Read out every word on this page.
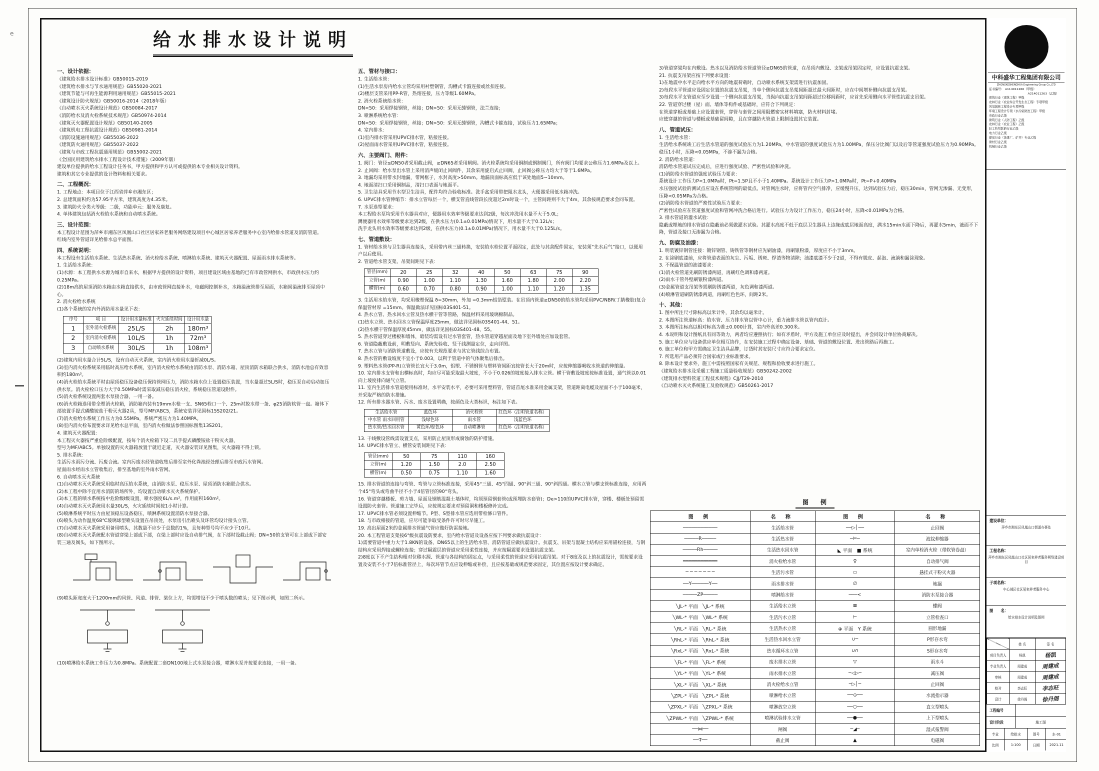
e	给水排水设计说明
一、设计依据：
《建筑给水排水设计标准》GB50015-2019
《建筑给水排水与节水通用规范》GB55020-2021
《建筑节能与可再生能源利用通用规范》GB55015-2021
《建筑设计防火规范》GB50016-2014（2018年版）
《自动喷水灭火系统设计规范》GB50084-2017
《消防给水及消火栓系统技术规范》GB50974-2014
《建筑灭火器配置设计规范》GB50140-2005
《建筑机电工程抗震设计规范》GB50981-2014
《消防设施通用规范》GB55036-2022
《建筑防火通用规范》GB55037-2022
《建筑与市政工程抗震通用规范》GB55002-2021
《全国民用建筑给水排水工程设计技术措施》（2009年版）
建设单位提供的给水工程设计任务书，甲方提供和甲方认可或提供的本专业相关设计资料。
建筑和其它专业提供的设计资料和相关要求。
二、工程概况：
1. 工程地点：本项目位于江西省萍乡市湘东区；
2. 总建筑面积约为57.95平方米，建筑高度为4.35米。
3. 建筑防火分类大等级：二级，功能单元：服务及康复。
4. 单体建筑包括消火栓给水系统和自动喷水系统。
三、设计范围：
本工程设计范围为萍乡市湘东区凤凰山口社区居家养老服务网络建设项目中心城区居家养老服务中心室内给排水管道及消防管道。
红线内室外管道详见给排水总平面图。
四、系统说明：
本工程设有生活给水系统、生活热水系统、消火栓给水系统、喷淋给水系统、建筑灭火器配置、屋面雨水排水系统等。
1. 生活给水系统：
(1)水源：本工程供水水源为城市自来水，根据甲方提供的设计资料，项目建设区域由基地的已有市政管网供水，市政供水压力约0.25MPa。
(2)18m高的屋顶消防水箱由水箱直接供水，由市政管网直接补水，电磁阀控制补水，水箱溢流管排至屋面，水箱间溢流排至屋顶中心。
2. 消火栓给水系统
(1)各个系统的室内外消防用水量见下表：
序号	项 目	设计用水量标准	火灾延续时间	设计用水量
1	室外消火栓系统	25L/S	2h	180m³
2	室内消火栓系统	10L/S	1h	72m³
3	自动喷水系统	30L/S	1h	108m³
(2)建筑内用水量合计5L/S，设有自动灭火系统，室内消火栓用水量折减0L/S。
(3)室内消火栓系统采用临时高压给水系统，室内消火栓给水系统由消防水泵、消防水箱、屋顶消防水箱联合供水，消防水池总有效容积约180m³。
(4)消火栓给水系统平时由屋顶稳压设备稳压保持管网压力，消防水箱水位上设置稳压装置，当水量超过5L/S时，稳压泵自动启动加压供水泵。消火栓栓口压力大于0.50MPa时需采取减压稳压消火栓，系统稳压管道设附件。
(5)消火栓系统设置两套水泵接合器，一用一备。
(6)消火栓箱选用带全塑消火栓箱，消防箱内装有19mm水枪一支、SN65栓口一个、25m衬胶水带一条、φ25消防软管一盘。箱体下部放置手提式磷酸铵盐干粉灭火器2具，型号MF/ABC5，系统安装详见国标15S202/21。
(7)消火栓给水系统工作压力为0.55MPa，系统严密压力为1.40MPA。
(8)室内消火栓布置要求详见给水总平面，室内消火栓做法参照国标图集13S201。
4. 建筑灭火器配置：
本工程灭火器按严重危险级配置，按每个消火栓箱下设二具手提式磷酸铵盐干粉灭火器，
型号为MF/ABC5。单独设置的灭火器箱放置于就近走道，灭火器安装详见图集，灭火器箱不得上锁。
5. 排水系统：
生活污水雨污分流、污废合流。室内污废水经管道收集后排至室外化粪池经处理后排至市政污水管网。
屋面雨水经雨水立管收集后，排至基地的室外雨水管网。
6. 自动喷水灭火系统
(1)自动喷水灭火系统采用临时高压给水系统，由消防水泵、稳压水泵、屋顶消防水箱联合供水。
(2)本工程中除不宜用水消防的场所外，均设置自动喷水灭火系统保护。
(3)本工程的喷水系统按中危险级Ⅰ级设置，喷水强度6L/s.m²，作用面积160m²。
(4)自动喷水灭火系统用水量30L/S，火灾延续时间按1小时计算。
(5)喷淋系统平时压力由屋顶稳压设备稳压，喷淋系统设置消防水泵接合器。
(6)喷头为动作温度68℃玻璃球型喷头设置在吊顶处，水泵房引出喷头及环管均设计接头立管。
(7)自动喷水灭火系统采用备用喷头，其数量不应少于总数的1%，且每种型号均不应少于10只。
(8)自动喷水灭火系统配水管道穿梁上部或下部，在梁上部时应设自动排气阀，在下部时设截止阀；DN<50的支管可在上部或下部安装三通及阀头，如下图所示。
(9)喷头距宽度大于1200mm的风管、风道、排管、梁位上方，均需增设不少于喷头数的喷头；见下图示例，如图二所示。
(10)喷淋给水系统工作压力为0.8MPa。系统配置二套DN100地上式水泵接合器，喷淋水泵并按要求连接，一用一备。
五、管材与接口：
1. 生活给水管：
(1)生活水泵房内给水立管均采用衬塑钢管，沟槽式卡箍连接或丝扣连接。
(2)楼层支管采用PP-R管，热熔连接，压力等级1.60MPa。
2. 消火栓系统给水管：
DN<50：采用焊接钢管，丝接；DN>50：采用无缝钢管，法兰连接；
3. 喷淋系统给水管：
DN<50：采用焊接钢管，丝接；DN>50：采用无缝钢管，沟槽式卡箍连接，试验压力1.65MPa；
4. 室内排水：
(1)室内排水管采用UPVC排水管，粘接连接。
(2)屋面雨水管采用UPVC排水管，粘接连接。
六、主要阀门、附件：
1. 阀门：管径≤DN50者采用截止阀，≥DN65者采用闸阀。消火栓系统均采用铜制或钢制阀门，所有阀门均要求公称压力1.6MPa及以上。
2. 止回阀：给水泵出水管上采用消声缓闭止回阀件，其余采用旋启式止回阀，止回阀公称压力均大于等于1.6MPa。
3. 地漏均采用带水封地漏，带网框子，水封高度>50mm。地漏顶面标高应低于该处地面5~10mm。
4. 地面清扫口采用铜制品，清扫口表面与地面平。
5. 卫生洁具采用节水型卫生洁具，配件均符合验收标准。洗手盆采用带把阻水龙头，大便器采用低水箱冲洗。
6. UPVC排水管伸缩节：排水立管每层一个，横支管直线管段长度超过2m时设一个，主管间距则不大于4m，其余按规范要求会同布置。
7. 水泵选型要求：
本工程给水泵均采用节水器具对应，便器用水效率等级要求达到2级，每次冲洗用水量不大于5.0L；
蹲便器用水效率等级要求达到2级，在供水压力(0.1±0.01MPa)情况下，用水量不大于0.12L/s；
洗手龙头用水效率等级要求达到2级，在供水压力(0.1±0.01MPa)情况下，用水量不大于0.125L/s。
七、管道敷设：
1. 管材给水管与卫生器具连接头，采用带内丝三通转换，安装给水栓位置平面固定，此处与其余配件固定，安装须“先水后气”接口，以便用户以后使用。
2. 管道给水管支架、吊架间距见下表：
管径(mm)	20	25	32	40	50	63	75	90
立管(m)	0.90	1.00	1.10	1.30	1.60	1.80	2.00	2.20
横管(m)	0.60	0.70	0.80	0.90	1.00	1.10	1.20	1.35
3. 生活用水给水管，均采用橡塑保温 δ=30mm，外加 =0.3mm铝箔铠装。在吊顶内管道≥DN50的给水管均采用PVC/NBR(丁腈橡胶)复合保温管材厚 =15mm。保温做法详见国标03S401-51。
4. 热水立管、热水回水立管及热水横干管等管路，保温材料采用玻璃棉制品。
(1)热水立管、热水回水立管保温厚度25mm，做法详见国标03S401-44、51。
(2)热水横干管保温厚度45mm，做法详见国标03S401-48、55。
5. 热水管道穿过楼板和墙体，暗装均需设有过水管套管，热水管道穿越屋面及地下室外墙处应加设套管。
6. 管道隐蔽敷设前，明敷竖向、系统先验收、竖干线测量定位，走向详图。
7. 热水立管与消防管道敷设，应按有关规范要求与其它管线综合布置。
8. 热水管的敷设坡度不宜小于0.003，以利于管道中的气体聚集后排出。
9. 塑料热水管(PP-R)立管管长宜大于3.0m，铝塑、不锈钢管与塑料管间距宜按管长大于20m时，应按伸缩器吸收水管道的伸缩量。
10. 室内排水支管和出横标高时，均应尽可能采取最大坡度，不小于0.026的坡度接入排水立管。横干管敷设坡度按标准设置，通气管以0.01向上坡度排向通气立管。
11. 室内生活排水管道使用标准时，水平安装水平，必要可采用塑料管，管道首尾水准采用金属支架，管道距离电缆及屋面不小于100毫米，并采取严格的防水措施。
12. 所有排水器水管、污水、废水设置明确，按颜色及大类标识，标注如下表。
生活给水管	蓝色环	消火栓管	红色环（注明管道名称）
中水管 雨水回用管	浅绿色环	雨水管	浅蓝色环
热水管/热水回水管	黄色环/棕色环	自动喷淋管	红色环（注明管道名称）
13. 干线敷设管线需设置支点，采用防止屋顶形成腐蚀的防护措施。
14. UPVC排水管立、横管安装间距见下表：
管径(mm)	50	75	110	160
立管(m)	1.20	1.50	2.0	2.50
横管(m)	0.50	0.75	1.10	1.60
15. 排水管道的连接与弯管、弯管与立管标准连接，采用45°三通、45°四通、90°斜三通、90°斜四通。横水立管与横支管标准连接，应用两个45°弯头或弯曲半径不小于4倍管径的90°弯头。
16. 管道穿越楼板、剪力墙、屋面及钢筋混凝土墙体时，均须预留钢套管(或预埋防水套管)；De>110的UPVC排水管，穿楼、楼板处预留需设置防火套管。管道施工完毕后，应按规定要求对预留洞和楼板修补完成。
17. UPVC排水管必须设置伸缩节。P型、S型排水管应选用带检修口管件。
18. 与市政相接的管道，应尽可能争取受条件许可时尽早施工。
19. 高出屋面2米的金属排水管通气管应做好防雷接地。
20. 本工程管道支架按6°级抗震设防要求，室内给水管道及设备应按下列要求做抗震设计：
1)需要管道中重力大于1.8KN的设备、DN65以上的生活给水管、消防管道应做抗震设计。抗震支、吊架与混凝土结构应采用锚栓连接，与钢结构应采用焊接或螺栓连接；穿过隔震层的管道应采用柔性连接，并应按隔震要求设置抗震支架。
2)8度以下不产生结构相对位移水源、管道与各结构的固定点，与采用柔性的管道应采用抗震吊架。对于8度及以上的抗震设计，需按要求设置及安装不小于7倍标准管径上，每次环管节点应设伸缩或补偿，且应按基础或规范要求固定，其位置应按设计要求确定。
3)管道穿梁均在内敷设。热水以及消防给水管道管径≥DN65的管道，在吊顶内敷设、支架或吊架固定时，应设置抗震支架。
21. 抗震支吊架应按下列要求设置：
1)在地震中水平走向给水平方向的地震荷载时，自动喷水系统支架需进行抗震加固。
2)每段水平管道应设固定位置的抗震支吊架，当单个侧向抗震支吊架间距超过最大间距时，应在中间增补侧向抗震支吊架。
3)每段水平支管道应至少设置一个侧向抗震支吊架，当纵向抗震支吊架间距超过位移间距时，应首先采用侧向水平管性抗震支吊架。
22. 管道穿过楼（屋）面、墙体等构件或基础时，应符合下列规定：
在管道穿板或基础上应设置套管，穿管与套管之间用阻燃密实材料填塞，防火材料封堵。
应使穿越的管道与楼板或基础留间隙，且在穿越防火管道上限制设置其它装置。
八、管道试压：
1. 生活给水管：
生活给水系统竣工后生活水管道的强度试验压力为1.20MPa，中水管道的强度试验压力为1.00MPa，保压分比阀门以及后等管道强度试验压力为0.90MPa。稳压1小时，压降<0.05MPa，不渗不漏为合格。
2. 消防给水管道：
消防给水管道试压完成后，应进行强度试验、严密性试验和冲洗。
(1)消防给水管道的强度试验压力要求：
系统设计工作压力P<1.0MPa时，Pt=1.5P且不小于1.40MPa。系统设计工作压力P>1.0MPa时，Pt=P+0.40MPa
水压强度试验的测试点应设在系统管网的最低点。对管网注水时，应将管内空气排净，应缓慢升压，达到试验压力后，稳压30min，管网无渗漏、无变形，压降<0.05MPa为合格。
(2)消防给水管道的严密性试验压力要求：
严密性试验应在管道强度试验和管网冲洗合格后进行。试验压力为设计工作压力，稳压24小时，压降<0.01MPa为合格。
3. 排水管道的灌水试验：
隐蔽或埋地的排水管道在隐蔽前必须做灌水试验。其灌水高度不低于底层卫生器具上边缘或底层地面高度，满水15min水面下降后，再灌水5min，液面不下降，管道及接口无渗漏为合格。
九、防腐及油漆：
1. 明装镀锌钢管连接：镀锌钢管、铸铁管等钢材应先刷油漆，再刷银粉漆，厚度应不小于3mm。
2. 在涂刷底漆前，应将管道表面的灰尘、污垢、锈斑、焊渣等物清除；油漆底漆不少于2道，不得有脱皮、起泡、流淌和漏涂现象。
3. 不保温管道的油漆要求：
(1)消火栓管道先刷防锈漆两道，再刷红色调和漆两道。
(2)雨水干管外壁刷银粉漆两道。
(3)金属管道支吊架等需刷防锈漆两道，灰色调和漆两道。
(4)喷淋管道刷防锈漆两道，再刷红色色环，间距2米。
十、其他：
1. 图中所注尺寸除标高以米计外，其余均以毫米计。
2. 本图所注管道标高：给水管、压力排水管以管中心计，重力流排水管以管内底计。
3. 本图所注标高以相对标高为准±0.000计算，室内外高差0.300米。
4. 本说明和设计图纸具有同等效力，两者均应遵照执行；如有矛盾时，甲方及施工单位应及时提出，并会同设计单位协商解决。
5. 施工单位应与设备供应单位相互协作，在安装施工过程中确定设备、基础、管道的敷设位置、进出管路后再施工。
6. 施工单位和甲方需确定卫生洁具品牌，订货时其安装尺寸应符合要求定位。
7. 所选用产品必须符合国家或行业标准要求。
8. 除本设计要求外，施工中需按照国家有关规范、规程和验收要求进行施工。
《建筑给水排水及采暖工程施工质量验收规范》GB50242-2002
《建筑排水塑料管道工程技术规程》CJJ/T29-2010
《自动喷水灭火系统施工及验收规范》GB50261-2017
图 例
图 例	名 称	图 例	名 称
────────────	生活给水管	──▷│──	止回阀
─────R─────	生活热水管	─⊨─	波纹伸缩器
─────Rh─────	生活热水回水管	◣ 平面　■ 系统	室内单栓消火栓（带软管卷盘）
━━━━━━━━━━━━	消火栓给水管	♀	自动排气阀
─ ─ ─ ─ ─ ─ ─	生活污水管	▭	悬挂式干粉灭火器
──Y──────Y──	雨水排水管	∅	地漏
─────ZP─────	喷淋给水管	───<	消防水泵接合器
╲JL-* 平面　╲JL-* 系统	生活给水立管	⊠	蝶阀
╲WL-* 平面　╲WL-* 系统	生活污水立管	⊢	立管检查口
╲RL-* 平面　╲RL-* 系统	生活热水立管	⊕ 平面　Y 系统	圆形地漏
╲RhL-* 平面　╲RhL-* 系统	生活热水回水立管	∪─	P形存水弯
╲RxL-* 平面　╲RxL-* 系统	热水循环水立管	∪∩	S形存水弯
╲FL-* 平面　╲FL-* 系统	废水排水立管	▽	雨水斗
╲YL-* 平面　╲YL-* 系统	雨水排水立管	─◁▷─	减压阀
╲XL-* 平面　╲XL-* 系统	消火栓给水立管	─▷│─	止回阀
╲ZPL-* 平面　╲ZPL-* 系统	喷淋给水立管	──⊙──	水流指示器
╲ZPXL-* 平面　╲ZPXL-* 系统	喷淋放空立管	──○──	直立型喷头
╲ZPWL-* 平面　╲ZPWL-* 系统	喷淋试验排水立管	──●──	上下型喷头
──⋈──	闸阀	─◢─	湿式报警阀
──Ŧ──	截止阀	▲	电磁阀
中科盛华工程集团有限公司
ZHONGKESHENGHUA Engineering Group Co.,LTD
证书编号： A114011266（甲级）
A214011263（乙级）
建筑行业（建筑工程）甲级
农林行业（农业综合开发生态工程）专项甲级
风景园林工程设计专项甲级
环境工程设计专项（水污染防治工程）甲级
市政行业乙级
建筑行业（人防工程）乙级
农林行业（农业工程）乙级
轻工纺织医药行业乙级
电力行业乙级
煤炭行业（洗煤厂、矿井）专业乙级
建材行业乙级
机械行业乙级
建设单位：
萍乡市湘东区凤凰山口街道办事处
工程名称：
萍乡市湘东区凤凰山口社区居家养老服务网络建设项目
子项名称：
中心城区社区居家养老服务中心
图　　名：
给水排水设计说明及图例
	姓 名	签 名
项目负责人	杨凯	杨凯
专业负责人	周建成	周建成
审核	周建成	周建成
校对	李志旺	李志旺
设计	徐丹阁	徐丹阁
工程编号
设计阶段	施工图
专业	给排水	图号	水-01
比例	1:100	日期	2021.11
